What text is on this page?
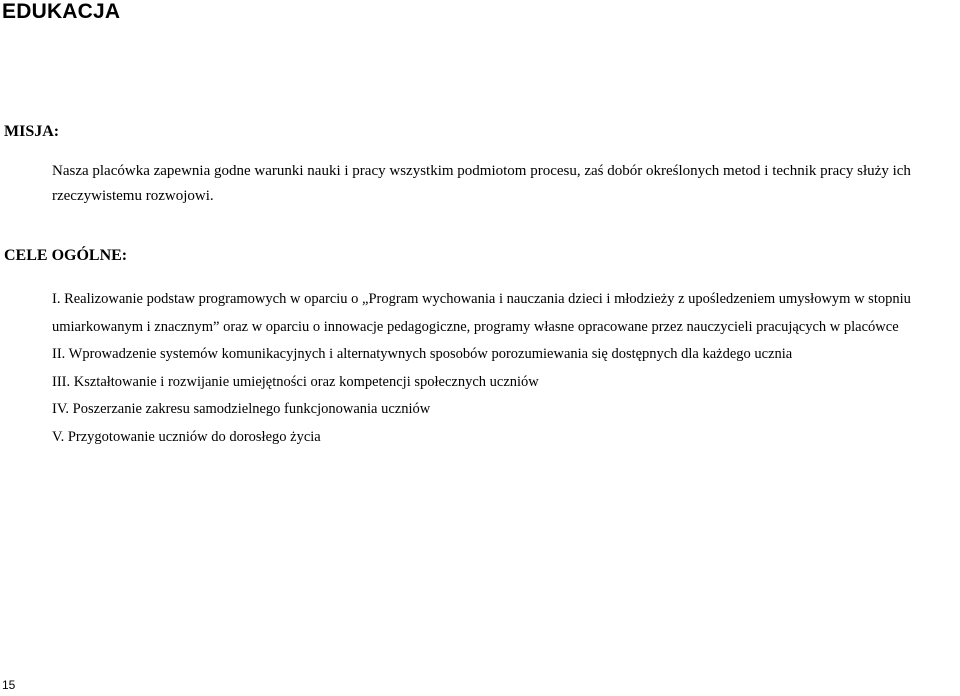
EDUKACJA
MISJA:

Nasza placówka zapewnia godne warunki nauki i pracy wszystkim podmiotom procesu, zaś dobór określonych metod i technik pracy służy ich rzeczywistemu rozwojowi.

CELE OGÓLNE:
I. Realizowanie podstaw programowych w oparciu o „Program wychowania i nauczania dzieci i młodzieży z upośledzeniem umysłowym w stopniu umiarkowanym i znacznym” oraz w oparciu o innowacje pedagogiczne, programy własne opracowane przez nauczycieli pracujących w placówce
II. Wprowadzenie systemów komunikacyjnych i alternatywnych sposobów porozumiewania się dostępnych dla każdego ucznia
III. Kształtowanie i rozwijanie umiejętności oraz kompetencji społecznych uczniów
IV. Poszerzanie zakresu samodzielnego funkcjonowania uczniów
V. Przygotowanie uczniów do dorosłego życia
15
